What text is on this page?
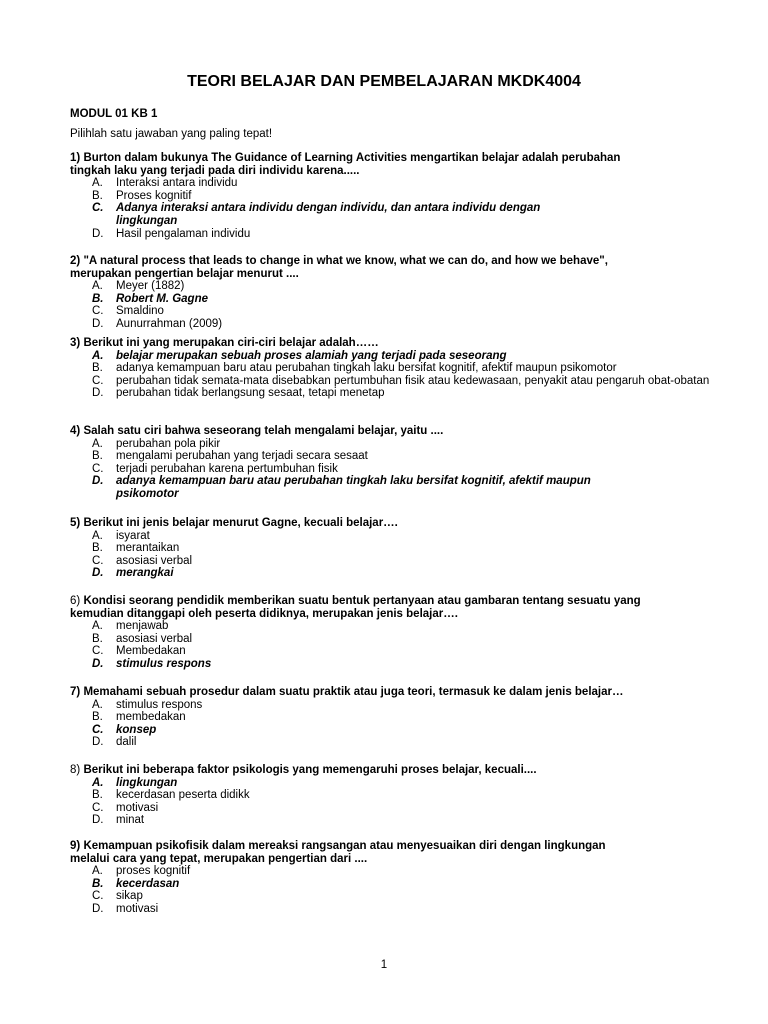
TEORI BELAJAR DAN PEMBELAJARAN MKDK4004

MODUL 01 KB 1

Pilihlah satu jawaban yang paling tepat!

1) Burton dalam bukunya The Guidance of Learning Activities mengartikan belajar adalah perubahan
tingkah laku yang terjadi pada diri individu karena.....

A. Interaksi antara individu
B. Proses kognitif
C. Adanya interaksi antara individu dengan individu, dan antara individu dengan lingkungan
D. Hasil pengalaman individu

2) "A natural process that leads to change in what we know, what we can do, and how we behave",
merupakan pengertian belajar menurut ....

A. Meyer (1882)
B. Robert M. Gagne
C. Smaldino
D. Aunurrahman (2009)

3) Berikut ini yang merupakan ciri-ciri belajar adalah……

A. belajar merupakan sebuah proses alamiah yang terjadi pada seseorang
B. adanya kemampuan baru atau perubahan tingkah laku bersifat kognitif, afektif maupun psikomotor
C. perubahan tidak semata-mata disebabkan pertumbuhan fisik atau kedewasaan, penyakit atau pengaruh obat-obatan
D. perubahan tidak berlangsung sesaat, tetapi menetap

4) Salah satu ciri bahwa seseorang telah mengalami belajar, yaitu ....

A. perubahan pola pikir
B. mengalami perubahan yang terjadi secara sesaat
C. terjadi perubahan karena pertumbuhan fisik
D. adanya kemampuan baru atau perubahan tingkah laku bersifat kognitif, afektif maupun psikomotor

5) Berikut ini jenis belajar menurut Gagne, kecuali belajar….

A. isyarat
B. merantaikan
C. asosiasi verbal
D. merangkai

6) Kondisi seorang pendidik memberikan suatu bentuk pertanyaan atau gambaran tentang sesuatu yang
kemudian ditanggapi oleh peserta didiknya, merupakan jenis belajar….

A. menjawab
B. asosiasi verbal
C. Membedakan
D. stimulus respons

7) Memahami sebuah prosedur dalam suatu praktik atau juga teori, termasuk ke dalam jenis belajar…

A. stimulus respons
B. membedakan
C. konsep
D. dalil

8) Berikut ini beberapa faktor psikologis yang memengaruhi proses belajar, kecuali....

A. lingkungan
B. kecerdasan peserta didikk
C. motivasi
D. minat

9) Kemampuan psikofisik dalam mereaksi rangsangan atau menyesuaikan diri dengan lingkungan
melalui cara yang tepat, merupakan pengertian dari ....

A. proses kognitif
B. kecerdasan
C. sikap
D. motivasi
1
